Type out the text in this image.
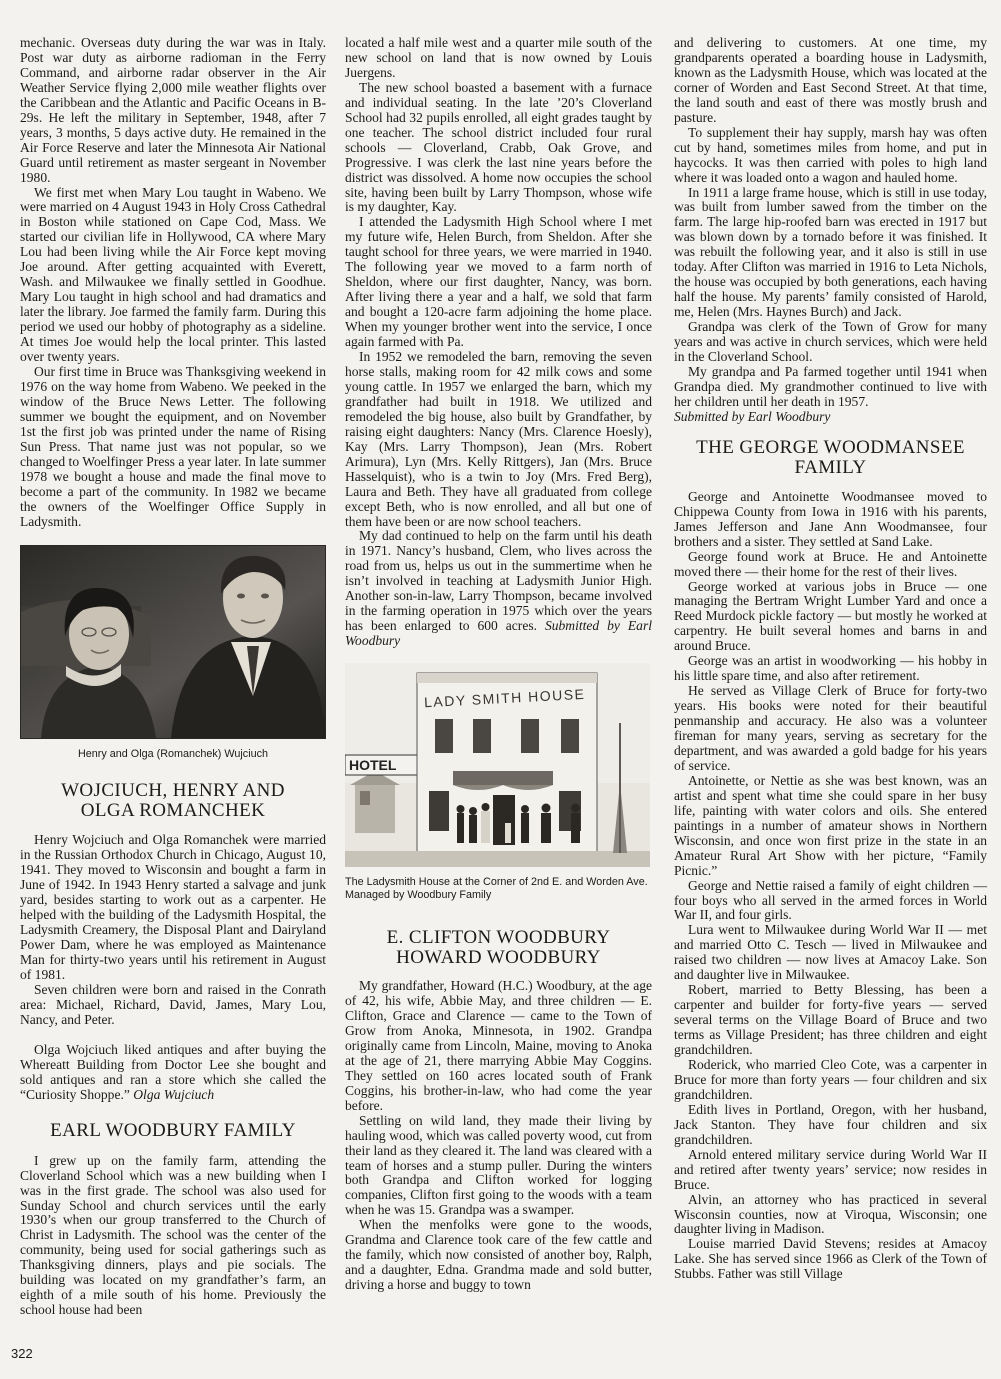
mechanic. Overseas duty during the war was in Italy. Post war duty as airborne radioman in the Ferry Command, and airborne radar observer in the Air Weather Service flying 2,000 mile weather flights over the Caribbean and the Atlantic and Pacific Oceans in B-29s. He left the military in September, 1948, after 7 years, 3 months, 5 days active duty. He remained in the Air Force Reserve and later the Minnesota Air National Guard until retirement as master sergeant in November 1980.

We first met when Mary Lou taught in Wabeno. We were married on 4 August 1943 in Holy Cross Cathedral in Boston while stationed on Cape Cod, Mass. We started our civilian life in Hollywood, CA where Mary Lou had been living while the Air Force kept moving Joe around. After getting acquainted with Everett, Wash. and Milwaukee we finally settled in Goodhue. Mary Lou taught in high school and had dramatics and later the library. Joe farmed the family farm. During this period we used our hobby of photography as a sideline. At times Joe would help the local printer. This lasted over twenty years.

Our first time in Bruce was Thanksgiving weekend in 1976 on the way home from Wabeno. We peeked in the window of the Bruce News Letter. The following summer we bought the equipment, and on November 1st the first job was printed under the name of Rising Sun Press. That name just was not popular, so we changed to Woelfinger Press a year later. In late summer 1978 we bought a house and made the final move to become a part of the community. In 1982 we became the owners of the Woelfinger Office Supply in Ladysmith.

Henry and Olga (Romanchek) Wujciuch
WOJCIUCH, HENRY AND OLGA ROMANCHEK

Henry Wojciuch and Olga Romanchek were married in the Russian Orthodox Church in Chicago, August 10, 1941. They moved to Wisconsin and bought a farm in June of 1942. In 1943 Henry started a salvage and junk yard, besides starting to work out as a carpenter. He helped with the building of the Ladysmith Hospital, the Ladysmith Creamery, the Disposal Plant and Dairyland Power Dam, where he was employed as Maintenance Man for thirty-two years until his retirement in August of 1981.

Seven children were born and raised in the Conrath area: Michael, Richard, David, James, Mary Lou, Nancy, and Peter.

Olga Wojciuch liked antiques and after buying the Whereatt Building from Doctor Lee she bought and sold antiques and ran a store which she called the “Curiosity Shoppe.” Olga Wujciuch

EARL WOODBURY FAMILY

I grew up on the family farm, attending the Cloverland School which was a new building when I was in the first grade. The school was also used for Sunday School and church services until the early 1930’s when our group transferred to the Church of Christ in Ladysmith. The school was the center of the community, being used for social gatherings such as Thanksgiving dinners, plays and pie socials. The building was located on my grandfather’s farm, an eighth of a mile south of his home. Previously the school house had been

located a half mile west and a quarter mile south of the new school on land that is now owned by Louis Juergens.

The new school boasted a basement with a furnace and individual seating. In the late ’20’s Cloverland School had 32 pupils enrolled, all eight grades taught by one teacher. The school district included four rural schools — Cloverland, Crabb, Oak Grove, and Progressive. I was clerk the last nine years before the district was dissolved. A home now occupies the school site, having been built by Larry Thompson, whose wife is my daughter, Kay.

I attended the Ladysmith High School where I met my future wife, Helen Burch, from Sheldon. After she taught school for three years, we were married in 1940. The following year we moved to a farm north of Sheldon, where our first daughter, Nancy, was born. After living there a year and a half, we sold that farm and bought a 120-acre farm adjoining the home place. When my younger brother went into the service, I once again farmed with Pa.

In 1952 we remodeled the barn, removing the seven horse stalls, making room for 42 milk cows and some young cattle. In 1957 we enlarged the barn, which my grandfather had built in 1918. We utilized and remodeled the big house, also built by Grandfather, by raising eight daughters: Nancy (Mrs. Clarence Hoesly), Kay (Mrs. Larry Thompson), Jean (Mrs. Robert Arimura), Lyn (Mrs. Kelly Rittgers), Jan (Mrs. Bruce Hasselquist), who is a twin to Joy (Mrs. Fred Berg), Laura and Beth. They have all graduated from college except Beth, who is now enrolled, and all but one of them have been or are now school teachers.

My dad continued to help on the farm until his death in 1971. Nancy’s husband, Clem, who lives across the road from us, helps us out in the summertime when he isn’t involved in teaching at Ladysmith Junior High. Another son-in-law, Larry Thompson, became involved in the farming operation in 1975 which over the years has been enlarged to 600 acres. Submitted by Earl Woodbury

HOTEL
LADY SMITH HOUSE
The Ladysmith House at the Corner of 2nd E. and Worden Ave. Managed by Woodbury Family
E. CLIFTON WOODBURY HOWARD WOODBURY

My grandfather, Howard (H.C.) Woodbury, at the age of 42, his wife, Abbie May, and three children — E. Clifton, Grace and Clarence — came to the Town of Grow from Anoka, Minnesota, in 1902. Grandpa originally came from Lincoln, Maine, moving to Anoka at the age of 21, there marrying Abbie May Coggins. They settled on 160 acres located south of Frank Coggins, his brother-in-law, who had come the year before.

Settling on wild land, they made their living by hauling wood, which was called poverty wood, cut from their land as they cleared it. The land was cleared with a team of horses and a stump puller. During the winters both Grandpa and Clifton worked for logging companies, Clifton first going to the woods with a team when he was 15. Grandpa was a swamper.

When the menfolks were gone to the woods, Grandma and Clarence took care of the few cattle and the family, which now consisted of another boy, Ralph, and a daughter, Edna. Grandma made and sold butter, driving a horse and buggy to town

and delivering to customers. At one time, my grandparents operated a boarding house in Ladysmith, known as the Ladysmith House, which was located at the corner of Worden and East Second Street. At that time, the land south and east of there was mostly brush and pasture.

To supplement their hay supply, marsh hay was often cut by hand, sometimes miles from home, and put in haycocks. It was then carried with poles to high land where it was loaded onto a wagon and hauled home.

In 1911 a large frame house, which is still in use today, was built from lumber sawed from the timber on the farm. The large hip-roofed barn was erected in 1917 but was blown down by a tornado before it was finished. It was rebuilt the following year, and it also is still in use today. After Clifton was married in 1916 to Leta Nichols, the house was occupied by both generations, each having half the house. My parents’ family consisted of Harold, me, Helen (Mrs. Haynes Burch) and Jack.

Grandpa was clerk of the Town of Grow for many years and was active in church services, which were held in the Cloverland School.

My grandpa and Pa farmed together until 1941 when Grandpa died. My grandmother continued to live with her children until her death in 1957.

Submitted by Earl Woodbury

THE GEORGE WOODMANSEE FAMILY

George and Antoinette Woodmansee moved to Chippewa County from Iowa in 1916 with his parents, James Jefferson and Jane Ann Woodmansee, four brothers and a sister. They settled at Sand Lake.

George found work at Bruce. He and Antoinette moved there — their home for the rest of their lives.

George worked at various jobs in Bruce — one managing the Bertram Wright Lumber Yard and once a Reed Murdock pickle factory — but mostly he worked at carpentry. He built several homes and barns in and around Bruce.

George was an artist in woodworking — his hobby in his little spare time, and also after retirement.

He served as Village Clerk of Bruce for forty-two years. His books were noted for their beautiful penmanship and accuracy. He also was a volunteer fireman for many years, serving as secretary for the department, and was awarded a gold badge for his years of service.

Antoinette, or Nettie as she was best known, was an artist and spent what time she could spare in her busy life, painting with water colors and oils. She entered paintings in a number of amateur shows in Northern Wisconsin, and once won first prize in the state in an Amateur Rural Art Show with her picture, “Family Picnic.”

George and Nettie raised a family of eight children — four boys who all served in the armed forces in World War II, and four girls.

Lura went to Milwaukee during World War II — met and married Otto C. Tesch — lived in Milwaukee and raised two children — now lives at Amacoy Lake. Son and daughter live in Milwaukee.

Robert, married to Betty Blessing, has been a carpenter and builder for forty-five years — served several terms on the Village Board of Bruce and two terms as Village President; has three children and eight grandchildren.

Roderick, who married Cleo Cote, was a carpenter in Bruce for more than forty years — four children and six grandchildren.

Edith lives in Portland, Oregon, with her husband, Jack Stanton. They have four children and six grandchildren.

Arnold entered military service during World War II and retired after twenty years’ service; now resides in Bruce.

Alvin, an attorney who has practiced in several Wisconsin counties, now at Viroqua, Wisconsin; one daughter living in Madison.

Louise married David Stevens; resides at Amacoy Lake. She has served since 1966 as Clerk of the Town of Stubbs. Father was still Village

322
